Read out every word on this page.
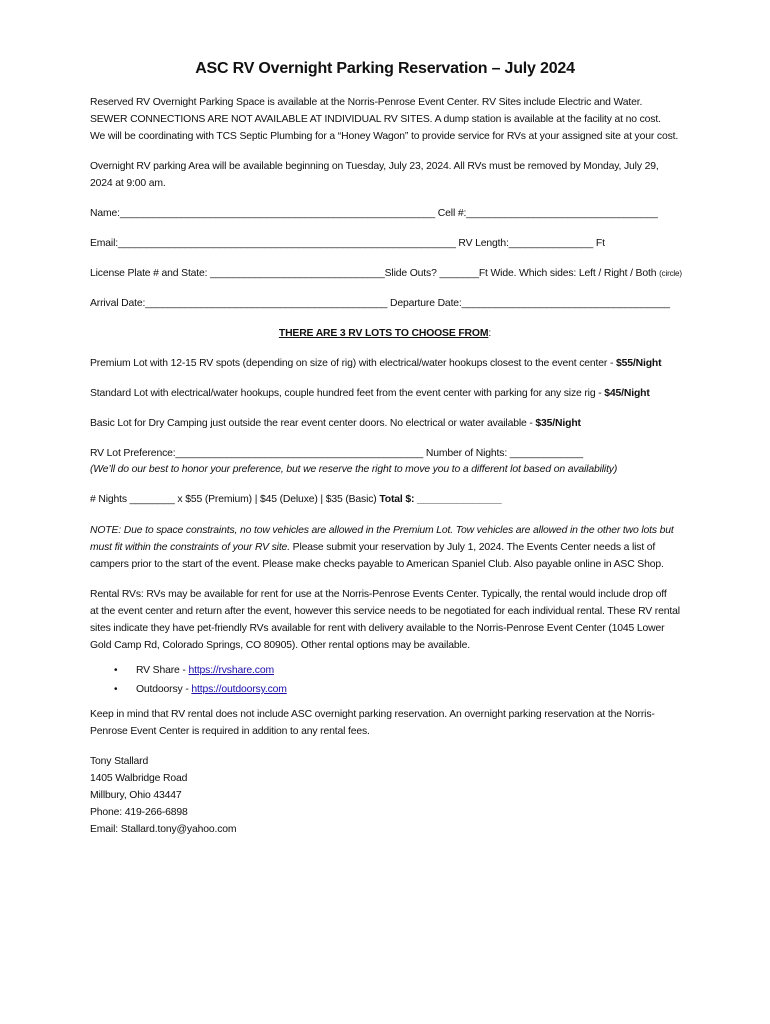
ASC RV Overnight Parking Reservation – July 2024
Reserved RV Overnight Parking Space is available at the Norris-Penrose Event Center. RV Sites include Electric and Water.
SEWER CONNECTIONS ARE NOT AVAILABLE AT INDIVIDUAL RV SITES. A dump station is available at the facility at no cost.
We will be coordinating with TCS Septic Plumbing for a “Honey Wagon” to provide service for RVs at your assigned site at your cost.
Overnight RV parking Area will be available beginning on Tuesday, July 23, 2024. All RVs must be removed by Monday, July 29,
2024 at 9:00 am.
Name:________________________________________________________ Cell #:__________________________________
Email:____________________________________________________________ RV Length:_______________ Ft
License Plate # and State: _______________________________Slide Outs? _______Ft Wide. Which sides: Left / Right / Both (circle)
Arrival Date:___________________________________________ Departure Date:_____________________________________
THERE ARE 3 RV LOTS TO CHOOSE FROM:
Premium Lot with 12-15 RV spots (depending on size of rig) with electrical/water hookups closest to the event center - $55/Night
Standard Lot with electrical/water hookups, couple hundred feet from the event center with parking for any size rig - $45/Night
Basic Lot for Dry Camping just outside the rear event center doors. No electrical or water available - $35/Night
RV Lot Preference:____________________________________________ Number of Nights: _____________
(We’ll do our best to honor your preference, but we reserve the right to move you to a different lot based on availability)
# Nights ________ x $55 (Premium) | $45 (Deluxe) | $35 (Basic) Total $: _______________
NOTE: Due to space constraints, no tow vehicles are allowed in the Premium Lot. Tow vehicles are allowed in the other two lots but
must fit within the constraints of your RV site. Please submit your reservation by July 1, 2024. The Events Center needs a list of
campers prior to the start of the event. Please make checks payable to American Spaniel Club. Also payable online in ASC Shop.
Rental RVs: RVs may be available for rent for use at the Norris-Penrose Events Center. Typically, the rental would include drop off
at the event center and return after the event, however this service needs to be negotiated for each individual rental. These RV rental
sites indicate they have pet-friendly RVs available for rent with delivery available to the Norris-Penrose Event Center (1045 Lower
Gold Camp Rd, Colorado Springs, CO 80905). Other rental options may be available.
• RV Share - https://rvshare.com
• Outdoorsy - https://outdoorsy.com
Keep in mind that RV rental does not include ASC overnight parking reservation. An overnight parking reservation at the Norris-
Penrose Event Center is required in addition to any rental fees.
Tony Stallard
1405 Walbridge Road
Millbury, Ohio 43447
Phone: 419-266-6898
Email: Stallard.tony@yahoo.com
